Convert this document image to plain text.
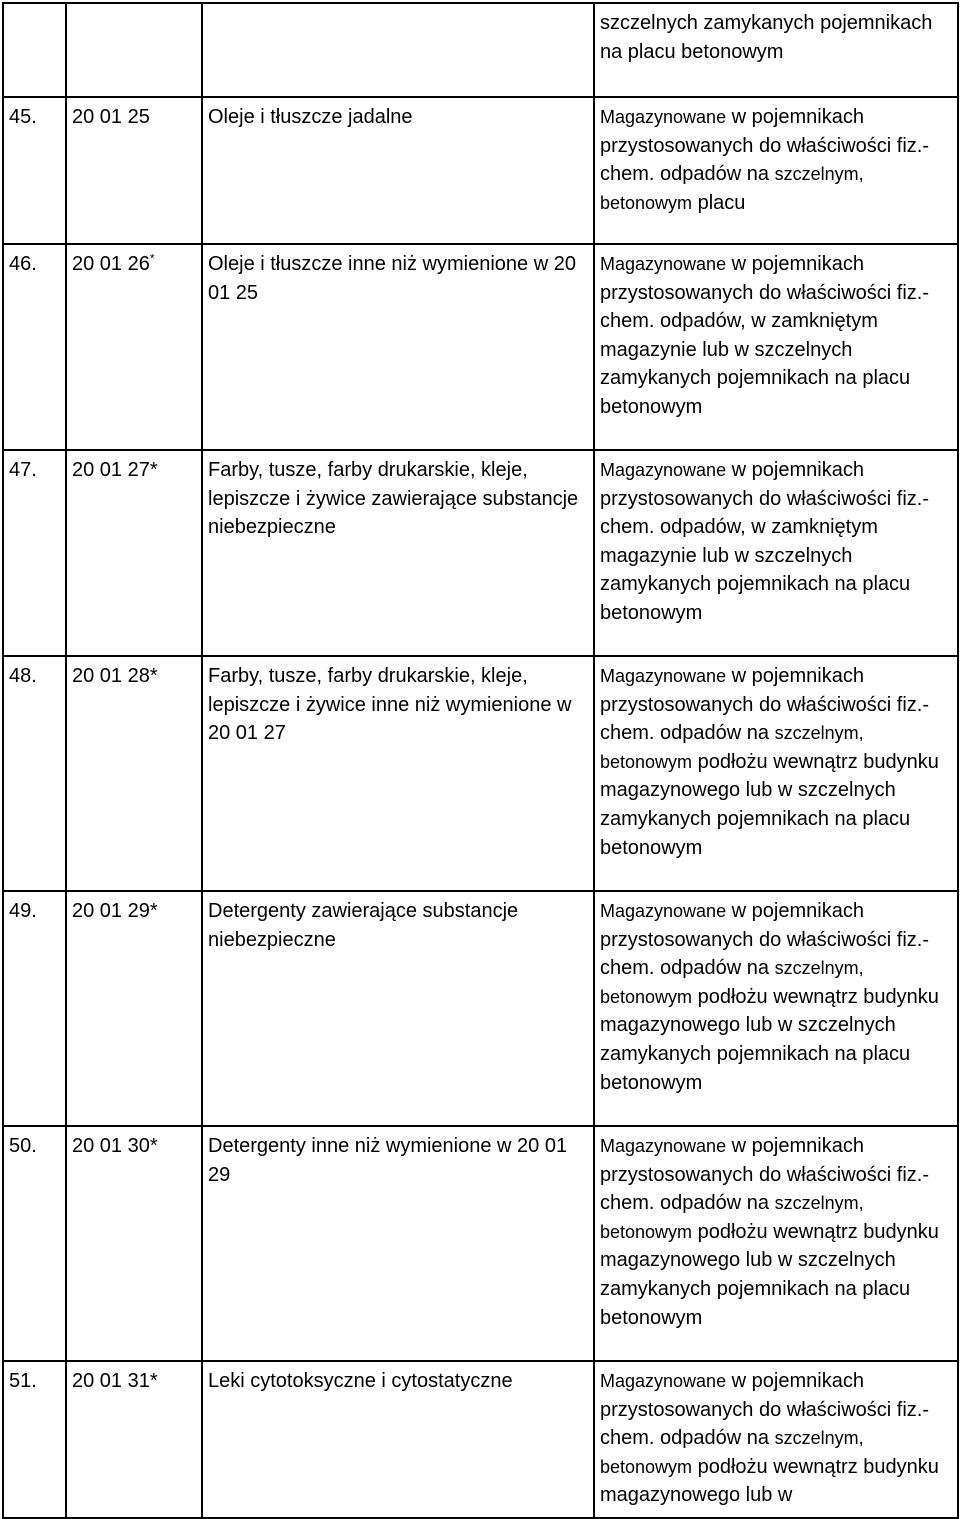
			szczelnych zamykanych pojemnikach na placu betonowym
45.	20 01 25	Oleje i tłuszcze jadalne	Magazynowane w pojemnikach przystosowanych do właściwości fiz.-chem. odpadów na szczelnym, betonowym placu
46.	20 01 26*	Oleje i tłuszcze inne niż wymienione w 20 01 25	Magazynowane w pojemnikach przystosowanych do właściwości fiz.-chem. odpadów, w zamkniętym magazynie lub w szczelnych zamykanych pojemnikach na placu betonowym
47.	20 01 27*	Farby, tusze, farby drukarskie, kleje, lepiszcze i żywice zawierające substancje niebezpieczne	Magazynowane w pojemnikach przystosowanych do właściwości fiz.-chem. odpadów, w zamkniętym magazynie lub w szczelnych zamykanych pojemnikach na placu betonowym
48.	20 01 28*	Farby, tusze, farby drukarskie, kleje, lepiszcze i żywice inne niż wymienione w 20 01 27	Magazynowane w pojemnikach przystosowanych do właściwości fiz.-chem. odpadów na szczelnym, betonowym podłożu wewnątrz budynku magazynowego lub w szczelnych zamykanych pojemnikach na placu betonowym
49.	20 01 29*	Detergenty zawierające substancje niebezpieczne	Magazynowane w pojemnikach przystosowanych do właściwości fiz.-chem. odpadów na szczelnym, betonowym podłożu wewnątrz budynku magazynowego lub w szczelnych zamykanych pojemnikach na placu betonowym
50.	20 01 30*	Detergenty inne niż wymienione w 20 01 29	Magazynowane w pojemnikach przystosowanych do właściwości fiz.-chem. odpadów na szczelnym, betonowym podłożu wewnątrz budynku magazynowego lub w szczelnych zamykanych pojemnikach na placu betonowym
51.	20 01 31*	Leki cytotoksyczne i cytostatyczne	Magazynowane w pojemnikach przystosowanych do właściwości fiz.-chem. odpadów na szczelnym, betonowym podłożu wewnątrz budynku magazynowego lub w
